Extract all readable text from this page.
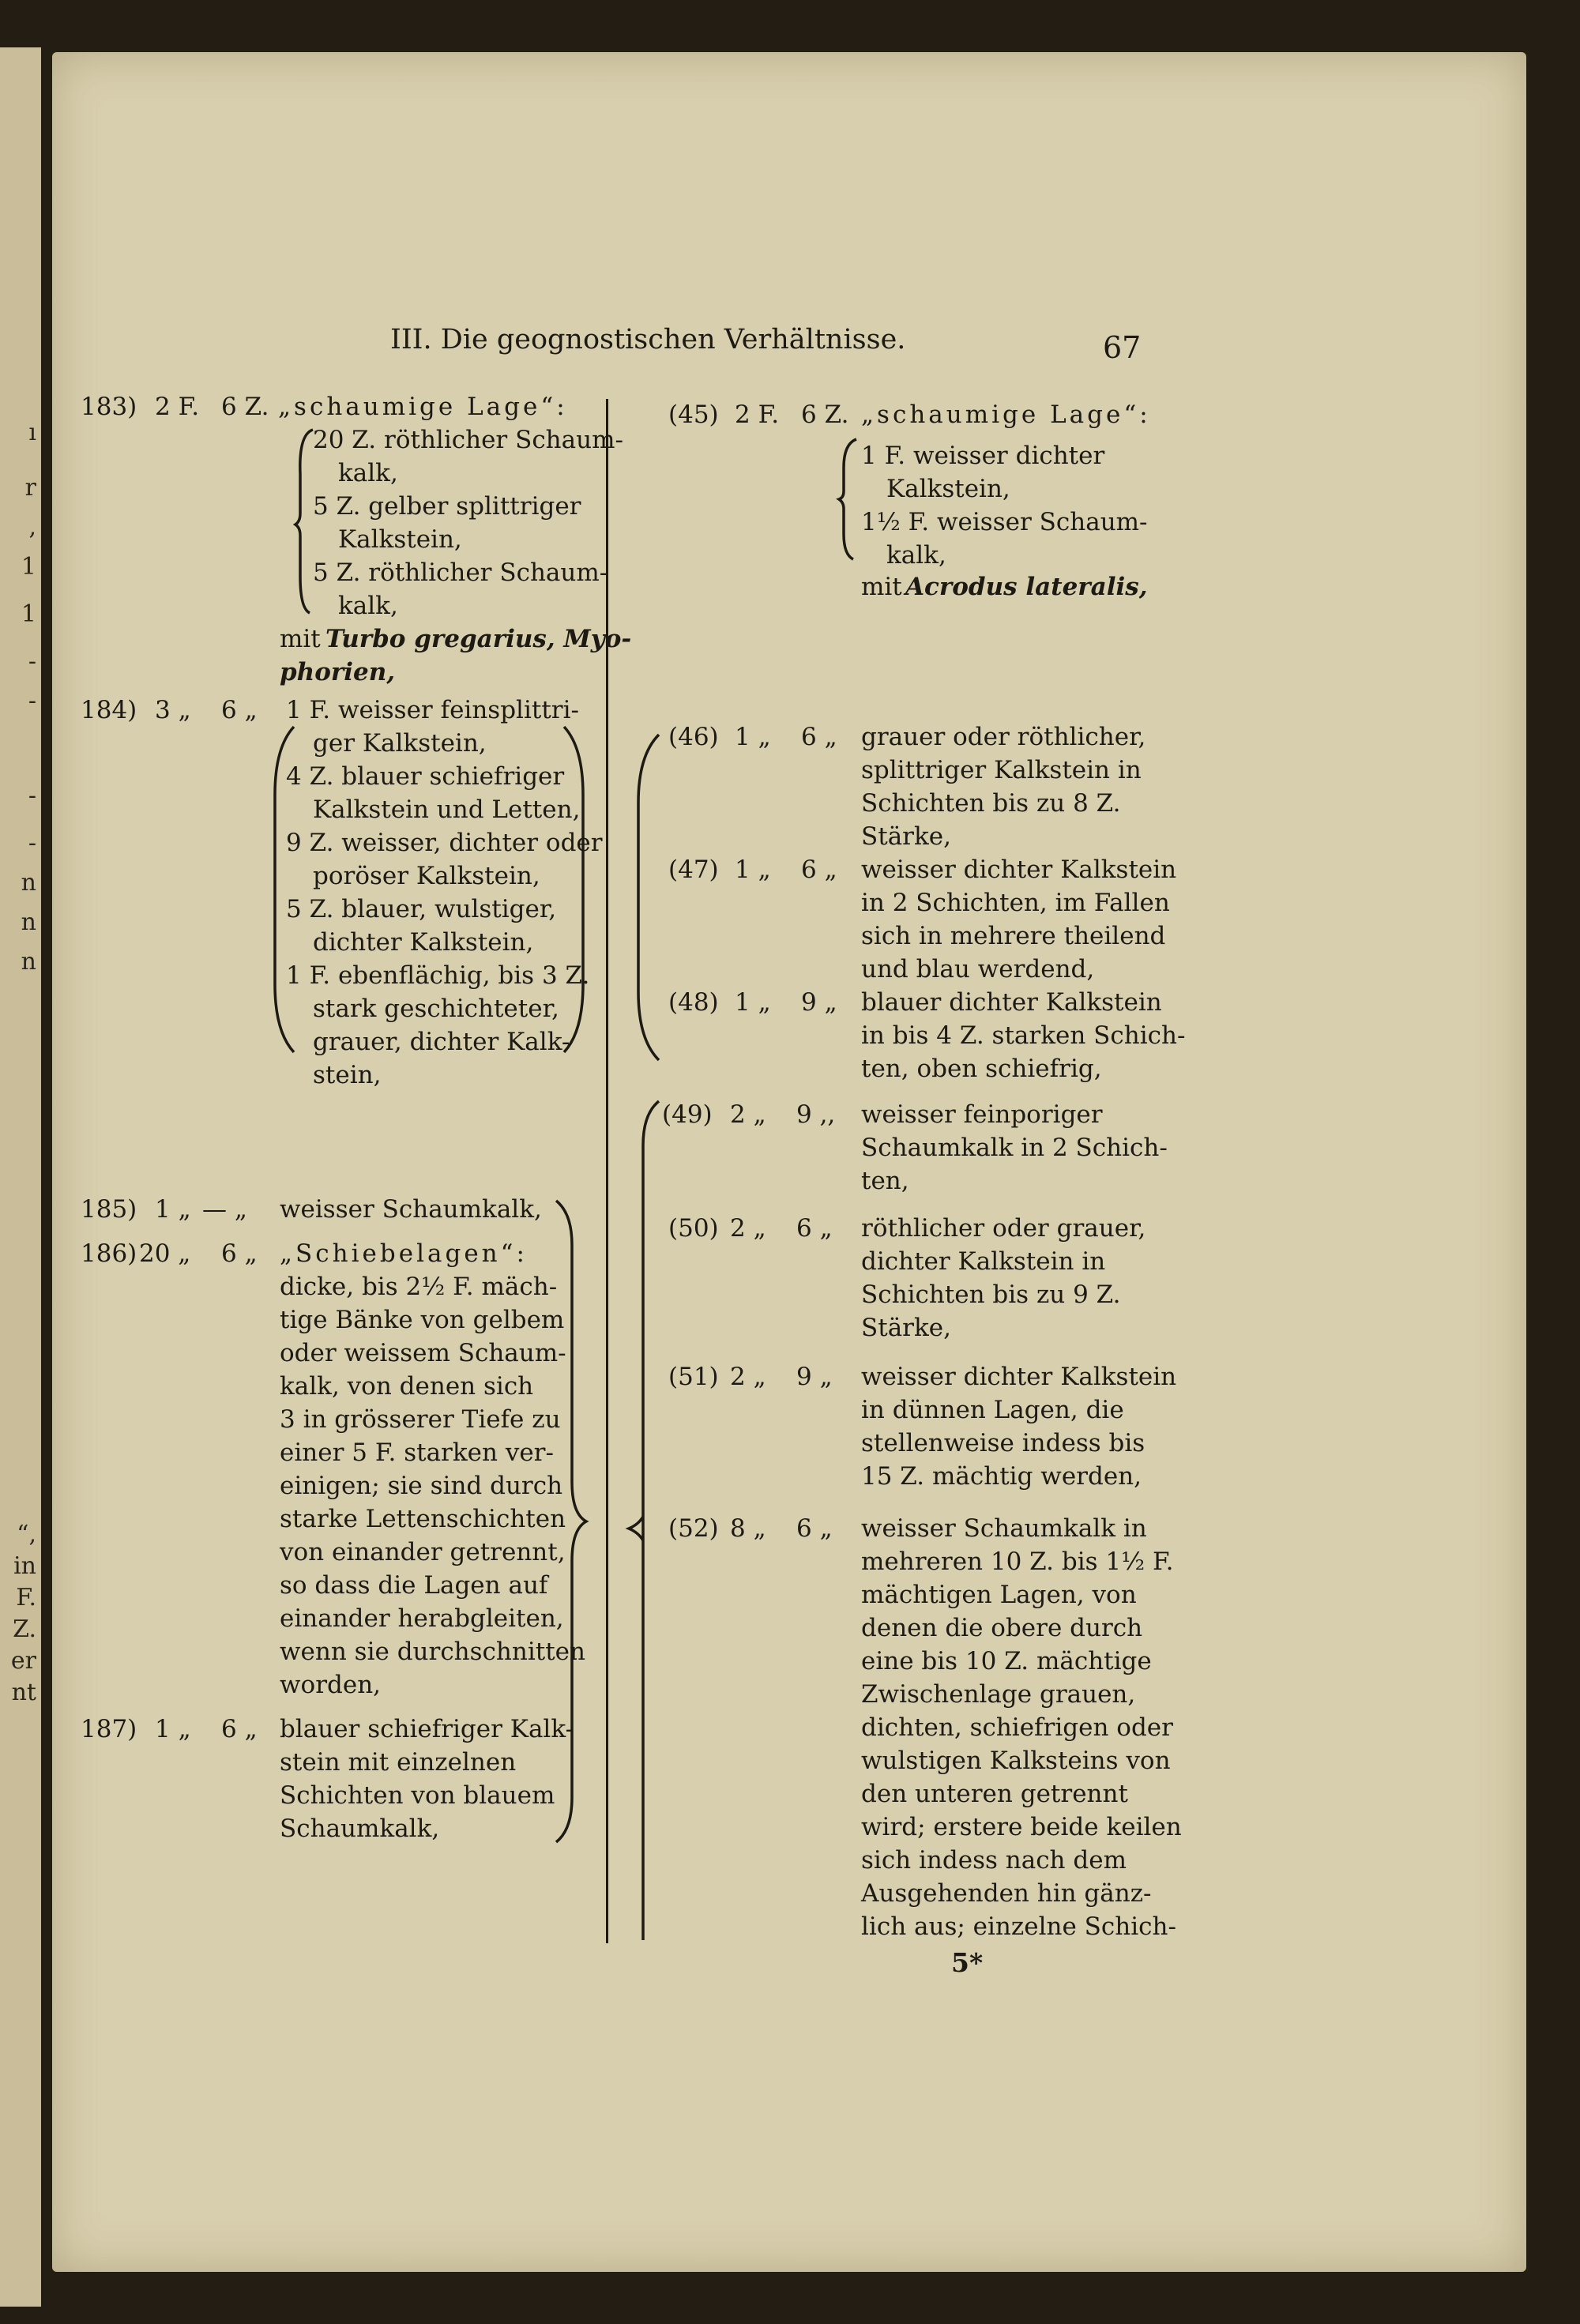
ı
r
,
1
1
-
-
-
-
n
n
n
“,
in
F.
Z.
er
nt
III. Die geognostischen Verhältnisse.	67
183) 2 F. 6 Z. „schaumige Lage“:
20 Z. röthlicher Schaum-
kalk,
5 Z. gelber splittriger
Kalkstein,
5 Z. röthlicher Schaum-
kalk,
mit Turbo gregarius, Myo-
phorien,
184) 3 „ 6 „ 1 F. weisser feinsplittri-
ger Kalkstein,
4 Z. blauer schiefriger
Kalkstein und Letten,
9 Z. weisser, dichter oder
poröser Kalkstein,
5 Z. blauer, wulstiger,
dichter Kalkstein,
1 F. ebenflächig, bis 3 Z.
stark geschichteter,
grauer, dichter Kalk-
stein,
185) 1 „ — „ weisser Schaumkalk,
186) 20 „ 6 „ „Schiebelagen“:
dicke, bis 2½ F. mäch-
tige Bänke von gelbem
oder weissem Schaum-
kalk, von denen sich
3 in grösserer Tiefe zu
einer 5 F. starken ver-
einigen; sie sind durch
starke Lettenschichten
von einander getrennt,
so dass die Lagen auf
einander herabgleiten,
wenn sie durchschnitten
worden,
187) 1 „ 6 „ blauer schiefriger Kalk-
stein mit einzelnen
Schichten von blauem
Schaumkalk,
(45) 2 F. 6 Z. „schaumige Lage“:
1 F. weisser dichter
Kalkstein,
1½ F. weisser Schaum-
kalk,
mit Acrodus lateralis,
(46) 1 „ 6 „ grauer oder röthlicher,
splittriger Kalkstein in
Schichten bis zu 8 Z.
Stärke,
(47) 1 „ 6 „ weisser dichter Kalkstein
in 2 Schichten, im Fallen
sich in mehrere theilend
und blau werdend,
(48) 1 „ 9 „ blauer dichter Kalkstein
in bis 4 Z. starken Schich-
ten, oben schiefrig,
(49) 2 „ 9 ,, weisser feinporiger
Schaumkalk in 2 Schich-
ten,
(50) 2 „ 6 „ röthlicher oder grauer,
dichter Kalkstein in
Schichten bis zu 9 Z.
Stärke,
(51) 2 „ 9 „ weisser dichter Kalkstein
in dünnen Lagen, die
stellenweise indess bis
15 Z. mächtig werden,
(52) 8 „ 6 „ weisser Schaumkalk in
mehreren 10 Z. bis 1½ F.
mächtigen Lagen, von
denen die obere durch
eine bis 10 Z. mächtige
Zwischenlage grauen,
dichten, schiefrigen oder
wulstigen Kalksteins von
den unteren getrennt
wird; erstere beide keilen
sich indess nach dem
Ausgehenden hin gänz-
lich aus; einzelne Schich-
5*
